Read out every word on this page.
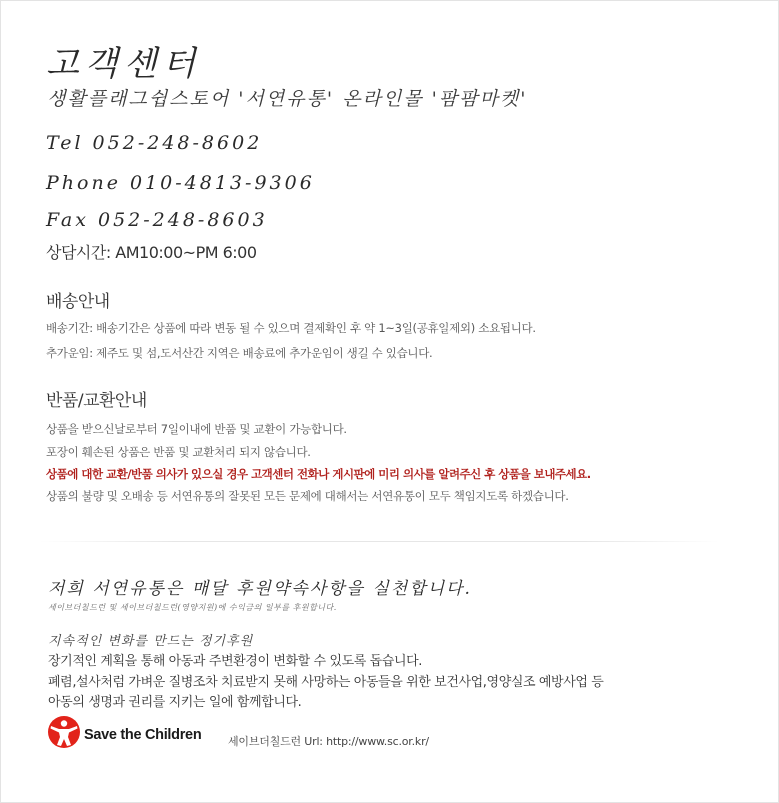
고객센터
생활플래그쉽스토어 '서연유통' 온라인몰 '팜팜마켓'
Tel 052-248-8602
Phone 010-4813-9306
Fax 052-248-8603
상담시간: AM10:00~PM 6:00
배송안내
배송기간: 배송기간은 상품에 따라 변동 될 수 있으며 결제확인 후 약 1~3일(공휴일제외) 소요됩니다.
추가운임: 제주도 및 섬,도서산간 지역은 배송료에 추가운임이 생길 수 있습니다.
반품/교환안내
상품을 받으신날로부터 7일이내에 반품 및 교환이 가능합니다.
포장이 훼손된 상품은 반품 및 교환처리 되지 않습니다.
상품에 대한 교환/반품 의사가 있으실 경우 고객센터 전화나 게시판에 미리 의사를 알려주신 후 상품을 보내주세요.
상품의 불량 및 오배송 등 서연유통의 잘못된 모든 문제에 대해서는 서연유통이 모두 책임지도록 하겠습니다.
저희 서연유통은 매달 후원약속사항을 실천합니다.
세이브더칠드런 및 세이브더칠드런(영양지원)에 수익금의 일부를 후원합니다.
지속적인 변화를 만드는 정기후원
장기적인 계획을 통해 아동과 주변환경이 변화할 수 있도록 돕습니다.
폐렴,설사처럼 가벼운 질병조차 치료받지 못해 사망하는 아동들을 위한 보건사업,영양실조 예방사업 등
아동의 생명과 권리를 지키는 일에 함께합니다.
Save the Children 세이브더칠드런 Url: http://www.sc.or.kr/
